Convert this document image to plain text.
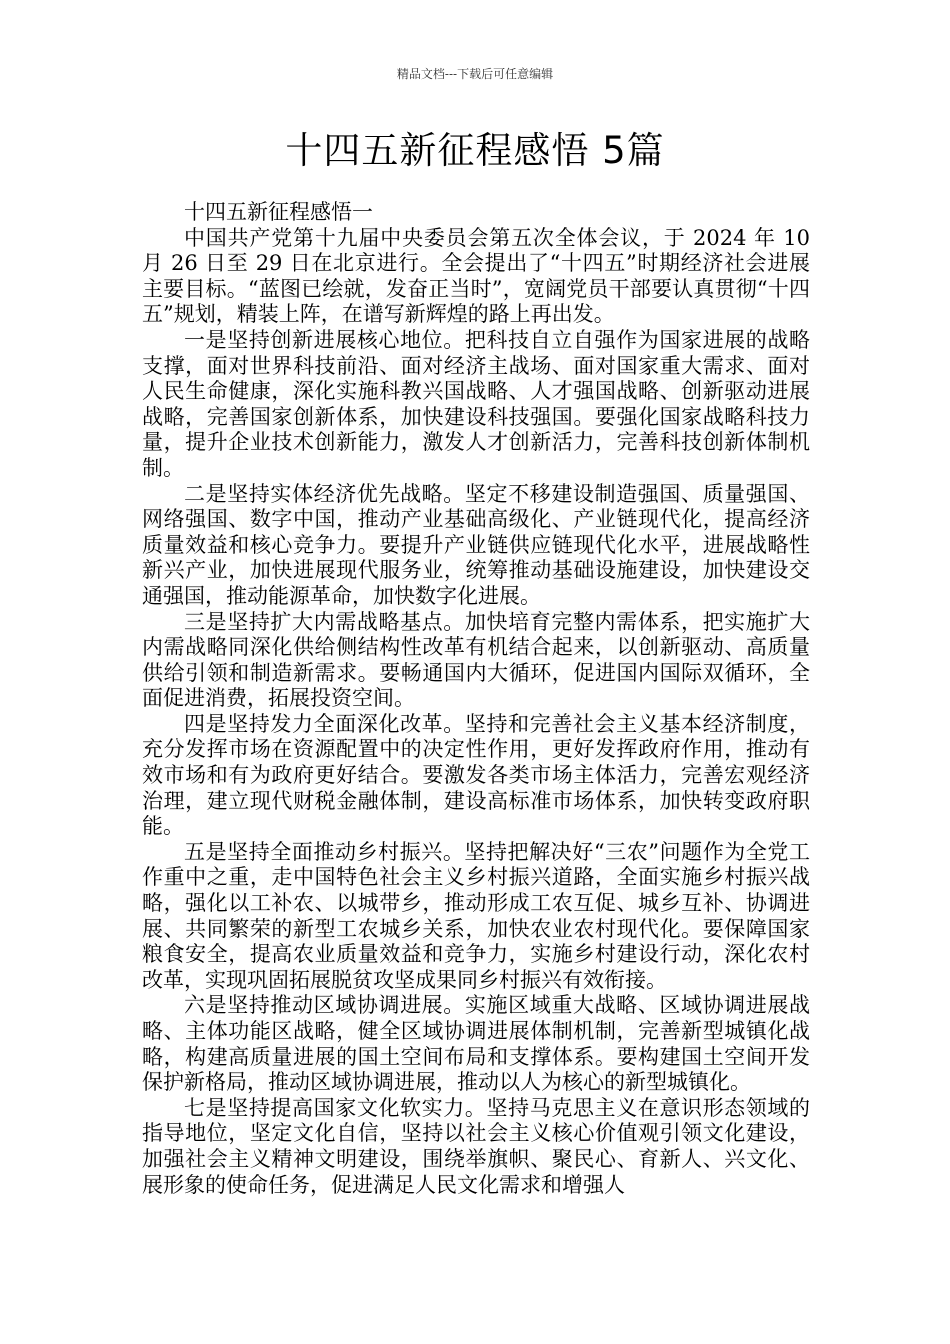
精品文档---下载后可任意编辑
十四五新征程感悟 5篇

十四五新征程感悟一

中国共产党第十九届中央委员会第五次全体会议，于 2024 年 10 月 26 日至 29 日在北京进行。全会提出了“十四五”时期经济社会进展主要目标。“蓝图已绘就，发奋正当时”，宽阔党员干部要认真贯彻“十四五”规划，精装上阵，在谱写新辉煌的路上再出发。

一是坚持创新进展核心地位。把科技自立自强作为国家进展的战略支撑，面对世界科技前沿、面对经济主战场、面对国家重大需求、面对人民生命健康，深化实施科教兴国战略、人才强国战略、创新驱动进展战略，完善国家创新体系，加快建设科技强国。要强化国家战略科技力量，提升企业技术创新能力，激发人才创新活力，完善科技创新体制机制。

二是坚持实体经济优先战略。坚定不移建设制造强国、质量强国、网络强国、数字中国，推动产业基础高级化、产业链现代化，提高经济质量效益和核心竞争力。要提升产业链供应链现代化水平，进展战略性新兴产业，加快进展现代服务业，统筹推动基础设施建设，加快建设交通强国，推动能源革命，加快数字化进展。

三是坚持扩大内需战略基点。加快培育完整内需体系，把实施扩大内需战略同深化供给侧结构性改革有机结合起来，以创新驱动、高质量供给引领和制造新需求。要畅通国内大循环，促进国内国际双循环，全面促进消费，拓展投资空间。

四是坚持发力全面深化改革。坚持和完善社会主义基本经济制度，充分发挥市场在资源配置中的决定性作用，更好发挥政府作用，推动有效市场和有为政府更好结合。要激发各类市场主体活力，完善宏观经济治理，建立现代财税金融体制，建设高标准市场体系，加快转变政府职能。

五是坚持全面推动乡村振兴。坚持把解决好“三农”问题作为全党工作重中之重，走中国特色社会主义乡村振兴道路，全面实施乡村振兴战略，强化以工补农、以城带乡，推动形成工农互促、城乡互补、协调进展、共同繁荣的新型工农城乡关系，加快农业农村现代化。要保障国家粮食安全，提高农业质量效益和竞争力，实施乡村建设行动，深化农村改革，实现巩固拓展脱贫攻坚成果同乡村振兴有效衔接。

六是坚持推动区域协调进展。实施区域重大战略、区域协调进展战略、主体功能区战略，健全区域协调进展体制机制，完善新型城镇化战略，构建高质量进展的国土空间布局和支撑体系。要构建国土空间开发保护新格局，推动区域协调进展，推动以人为核心的新型城镇化。

七是坚持提高国家文化软实力。坚持马克思主义在意识形态领域的指导地位，坚定文化自信，坚持以社会主义核心价值观引领文化建设，加强社会主义精神文明建设，围绕举旗帜、聚民心、育新人、兴文化、展形象的使命任务，促进满足人民文化需求和增强人
